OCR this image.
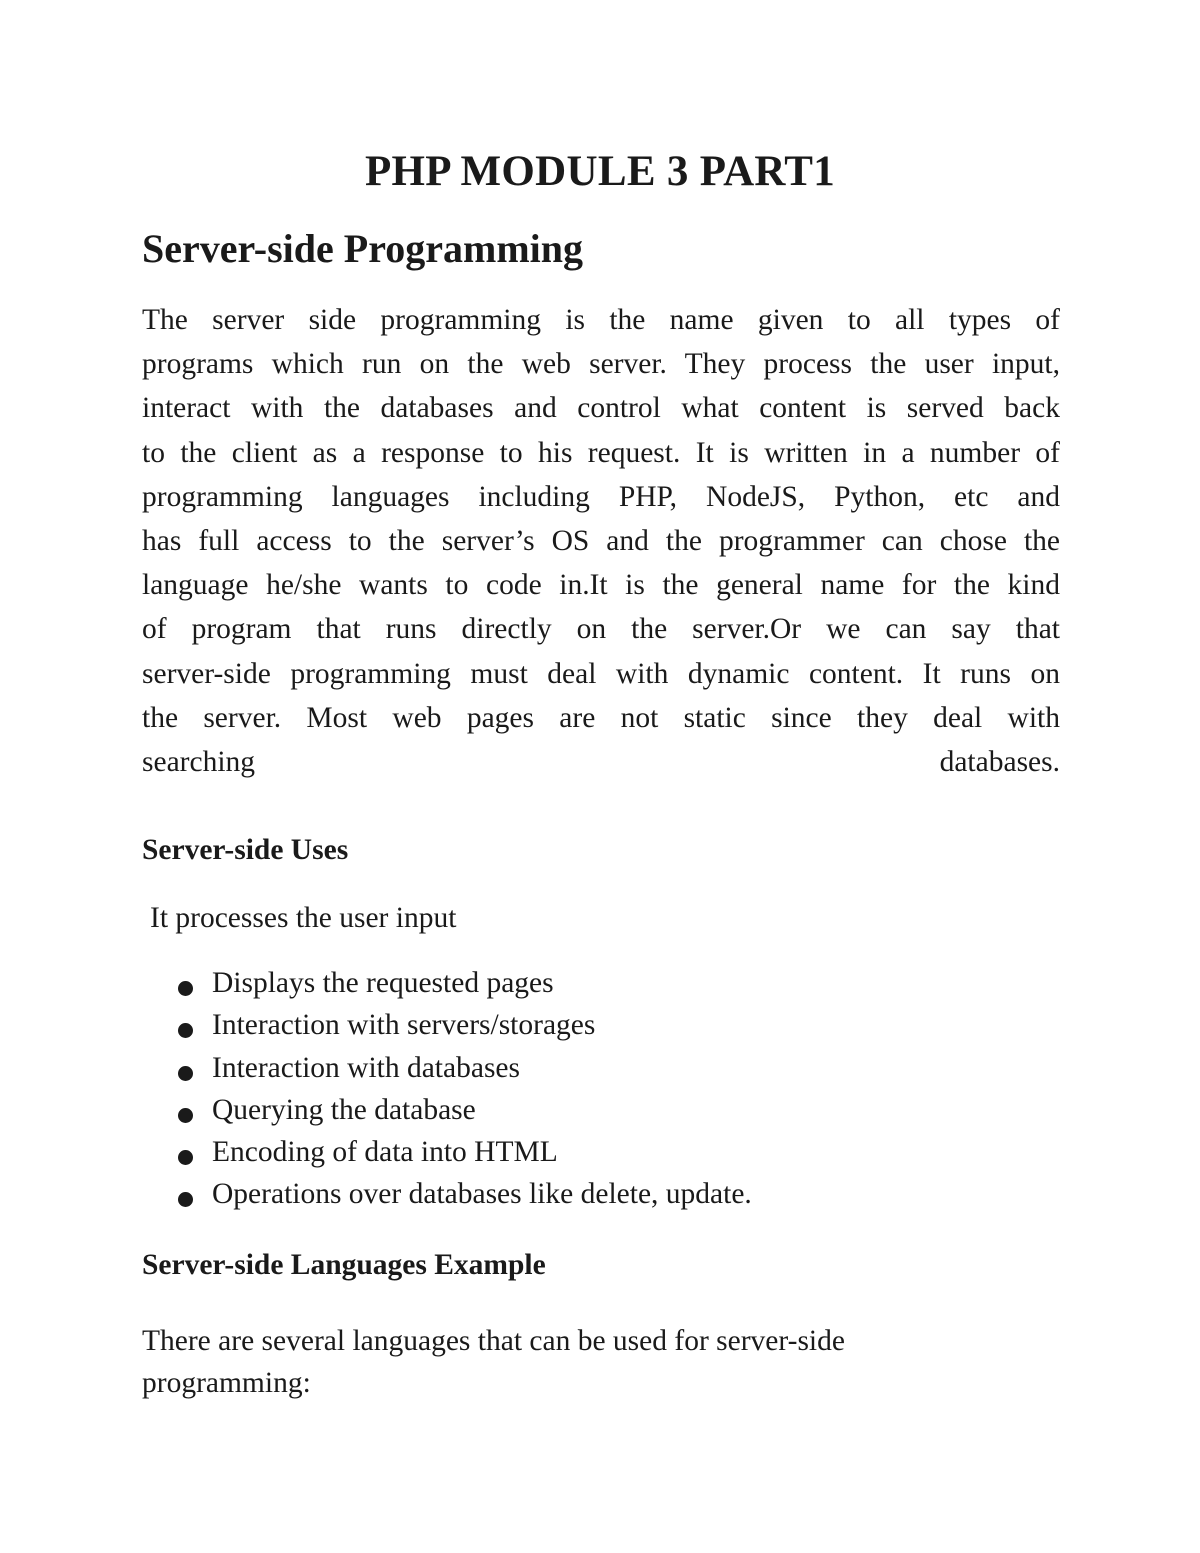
PHP MODULE 3 PART1
Server-side Programming
The server side programming is the name given to all types of
programs which run on the web server. They process the user input,
interact with the databases and control what content is served back
to the client as a response to his request. It is written in a number of
programming languages including PHP, NodeJS, Python, etc and
has full access to the server’s OS and the programmer can chose the
language he/she wants to code in.It is the general name for the kind
of program that runs directly on the server.Or we can say that
server-side programming must deal with dynamic content. It runs on
the server. Most web pages are not static since they deal with
searching databases.
Server-side Uses
It processes the user input
Displays the requested pages
Interaction with servers/storages
Interaction with databases
Querying the database
Encoding of data into HTML
Operations over databases like delete, update.
Server-side Languages Example
There are several languages that can be used for server-side
programming:
